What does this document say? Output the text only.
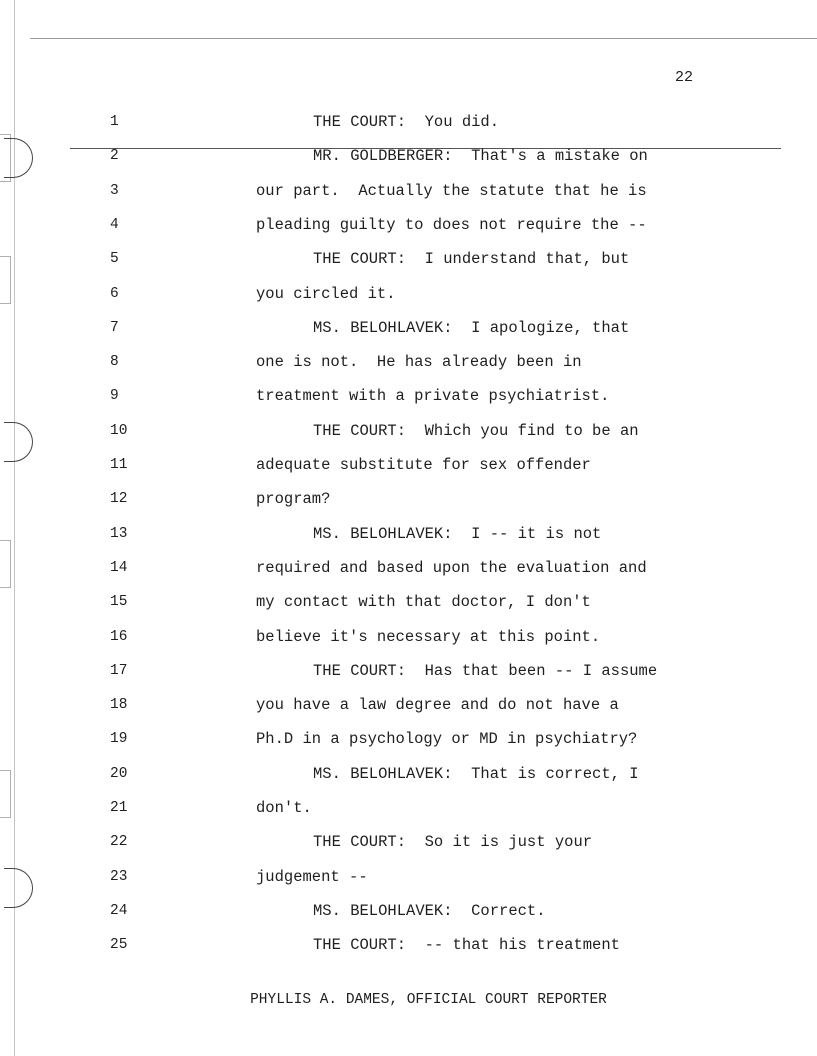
22
1	THE COURT:  You did.
2	MR. GOLDBERGER:  That's a mistake on
3	our part.  Actually the statute that he is
4	pleading guilty to does not require the --
5	THE COURT:  I understand that, but
6	you circled it.
7	MS. BELOHLAVEK:  I apologize, that
8	one is not.  He has already been in
9	treatment with a private psychiatrist.
10	THE COURT:  Which you find to be an
11	adequate substitute for sex offender
12	program?
13	MS. BELOHLAVEK:  I -- it is not
14	required and based upon the evaluation and
15	my contact with that doctor, I don't
16	believe it's necessary at this point.
17	THE COURT:  Has that been -- I assume
18	you have a law degree and do not have a
19	Ph.D in a psychology or MD in psychiatry?
20	MS. BELOHLAVEK:  That is correct, I
21	don't.
22	THE COURT:  So it is just your
23	judgement --
24	MS. BELOHLAVEK:  Correct.
25	THE COURT:  -- that his treatment
PHYLLIS A. DAMES, OFFICIAL COURT REPORTER
